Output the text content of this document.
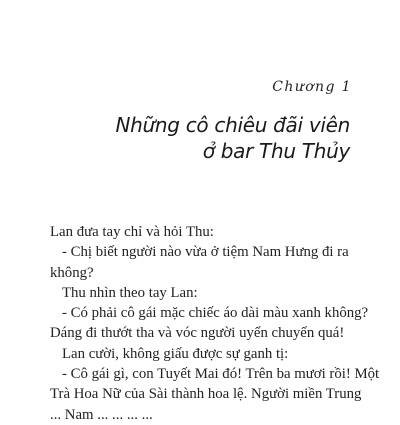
Chương 1
Những cô chiêu đãi viên
ở bar Thu Thủy

Lan đưa tay chỉ và hỏi Thu:

- Chị biết người nào vừa ở tiệm Nam Hưng đi ra
không?

Thu nhìn theo tay Lan:

- Có phải cô gái mặc chiếc áo dài màu xanh không?
Dáng đi thướt tha và vóc người uyển chuyển quá!

Lan cười, không giấu được sự ganh tị:

- Cô gái gì, con Tuyết Mai đó! Trên ba mươi rồi! Một
Trà Hoa Nữ của Sài thành hoa lệ. Người miền Trung
... Nam ... ... ... ...
